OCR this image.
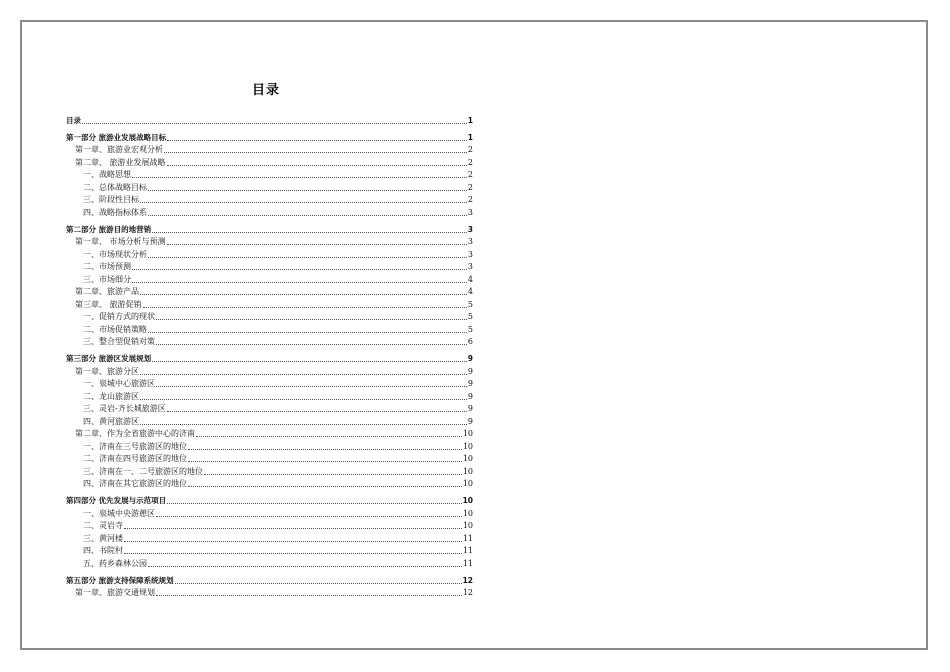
目录
目录	1
第一部分 旅游业发展战略目标	1
第一章、旅游业宏观分析	2
第二章、 旅游业发展战略	2
一、战略思想	2
二、总体战略目标	2
三、阶段性目标	2
四、战略指标体系	3
第二部分 旅游目的地营销	3
第一章、 市场分析与预测	3
一、市场现状分析	3
二、市场预测	3
三、市场细分	4
第二章、旅游产品	4
第三章、 旅游促销	5
一、促销方式的现状	5
二、市场促销策略	5
三、整合型促销对策	6
第三部分 旅游区发展规划	9
第一章、旅游分区	9
一、泉城中心旅游区	9
二、龙山旅游区	9
三、灵岩-齐长城旅游区	9
四、黄河旅游区	9
第二章、作为全省旅游中心的济南	10
一、济南在三号旅游区的地位	10
二、济南在四号旅游区的地位	10
三、济南在一、二号旅游区的地位	10
四、济南在其它旅游区的地位	10
第四部分 优先发展与示范项目	10
一、泉城中央游憩区	10
二、灵岩寺	10
三、黄河楼	11
四、书院村	11
五、药乡森林公园	11
第五部分 旅游支持保障系统规划	12
第一章、旅游交通规划	12
